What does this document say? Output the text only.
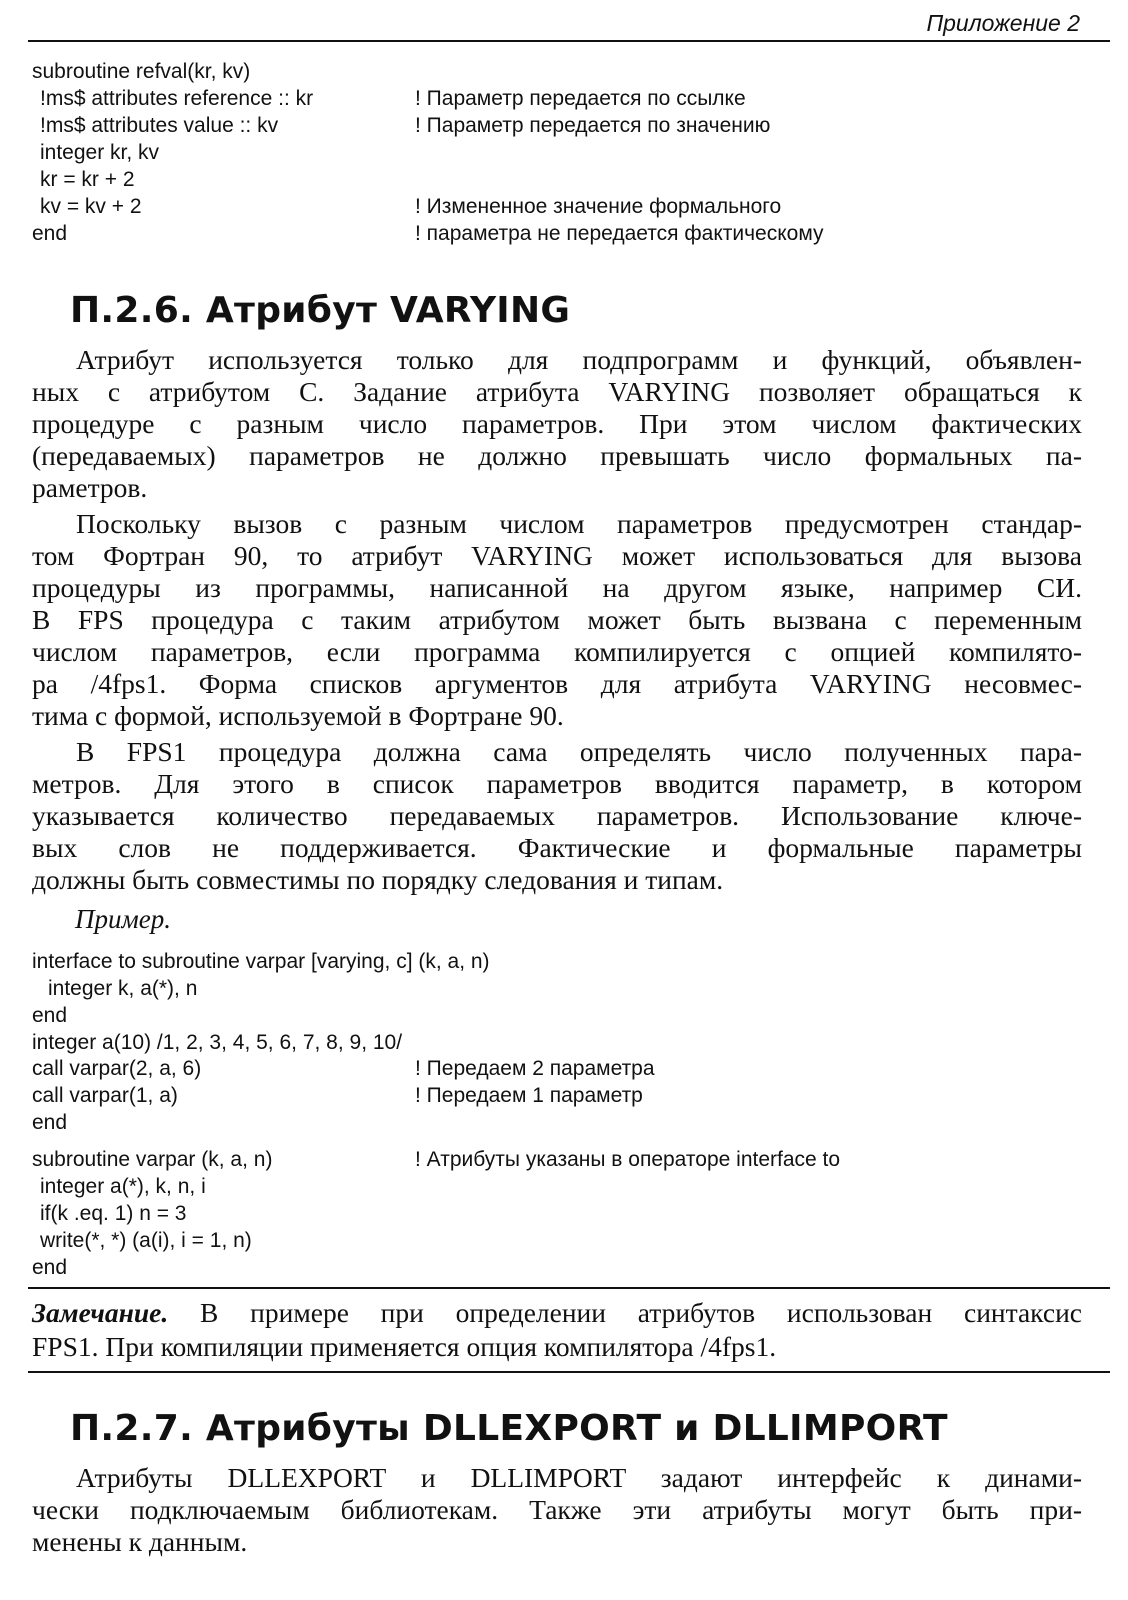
Приложение 2
subroutine refval(kr, kv)
!ms$ attributes reference :: kr
!ms$ attributes value :: kv
integer kr, kv
kr = kr + 2
kv = kv + 2
end
! Параметр передается по ссылке
! Параметр передается по значению
! Измененное значение формального
! параметра не передается фактическому
П.2.6. Атрибут VARYING
Атрибут используется только для подпрограмм и функций, объявлен-
ных с атрибутом C. Задание атрибута VARYING позволяет обращаться к
процедуре с разным число параметров. При этом числом фактических
(передаваемых) параметров не должно превышать число формальных па-
раметров.
Поскольку вызов с разным числом параметров предусмотрен стандар-
том Фортран 90, то атрибут VARYING может использоваться для вызова
процедуры из программы, написанной на другом языке, например СИ.
В FPS процедура с таким атрибутом может быть вызвана с переменным
числом параметров, если программа компилируется с опцией компилято-
ра /4fps1. Форма списков аргументов для атрибута VARYING несовмес-
тима с формой, используемой в Фортране 90.
В FPS1 процедура должна сама определять число полученных пара-
метров. Для этого в список параметров вводится параметр, в котором
указывается количество передаваемых параметров. Использование ключе-
вых слов не поддерживается. Фактические и формальные параметры
должны быть совместимы по порядку следования и типам.
Пример.
interface to subroutine varpar [varying, c] (k, a, n)
integer k, a(*), n
end
integer a(10) /1, 2, 3, 4, 5, 6, 7, 8, 9, 10/
call varpar(2, a, 6)
call varpar(1, a)
end
subroutine varpar (k, a, n)
integer a(*), k, n, i
if(k .eq. 1) n = 3
write(*, *) (a(i), i = 1, n)
end
! Передаем 2 параметра
! Передаем 1 параметр
! Атрибуты указаны в операторе interface to
Замечание. В примере при определении атрибутов использован синтаксис
FPS1. При компиляции применяется опция компилятора /4fps1.
П.2.7. Атрибуты DLLEXPORT и DLLIMPORT
Атрибуты DLLEXPORT и DLLIMPORT задают интерфейс к динами-
чески подключаемым библиотекам. Также эти атрибуты могут быть при-
менены к данным.
